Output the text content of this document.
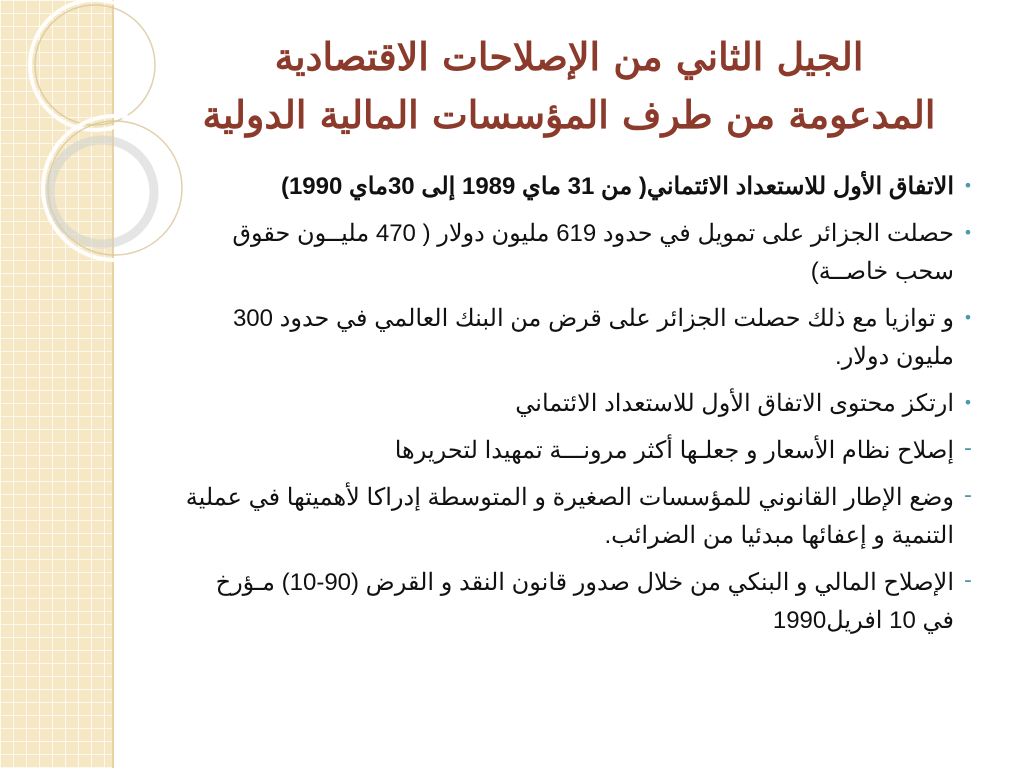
الجيل الثاني من الإصلاحات الاقتصادية
المدعومة من طرف المؤسسات المالية الدولية
•
الاتفاق الأول للاستعداد الائتماني( من 31 ماي 1989 إلى 30ماي 1990)
•
حصلت الجزائر على تمويل في حدود 619 مليون دولار ( 470 مليــون حقوق سحب خاصــة)
•
و توازيا مع ذلك حصلت الجزائر على قرض من البنك العالمي في حدود 300 مليون دولار.
•
ارتكز محتوى الاتفاق الأول للاستعداد الائتماني
-
إصلاح نظام الأسعار و جعلـها أكثر مرونـــة تمهيدا لتحريرها
-
وضع الإطار القانوني للمؤسسات الصغيرة و المتوسطة إدراكا لأهميتها في عملية التنمية و إعفائها مبدئيا من الضرائب.
-
الإصلاح المالي و البنكي من خلال صدور قانون النقد و القرض (90-10) مـؤرخ في 10 افريل1990
